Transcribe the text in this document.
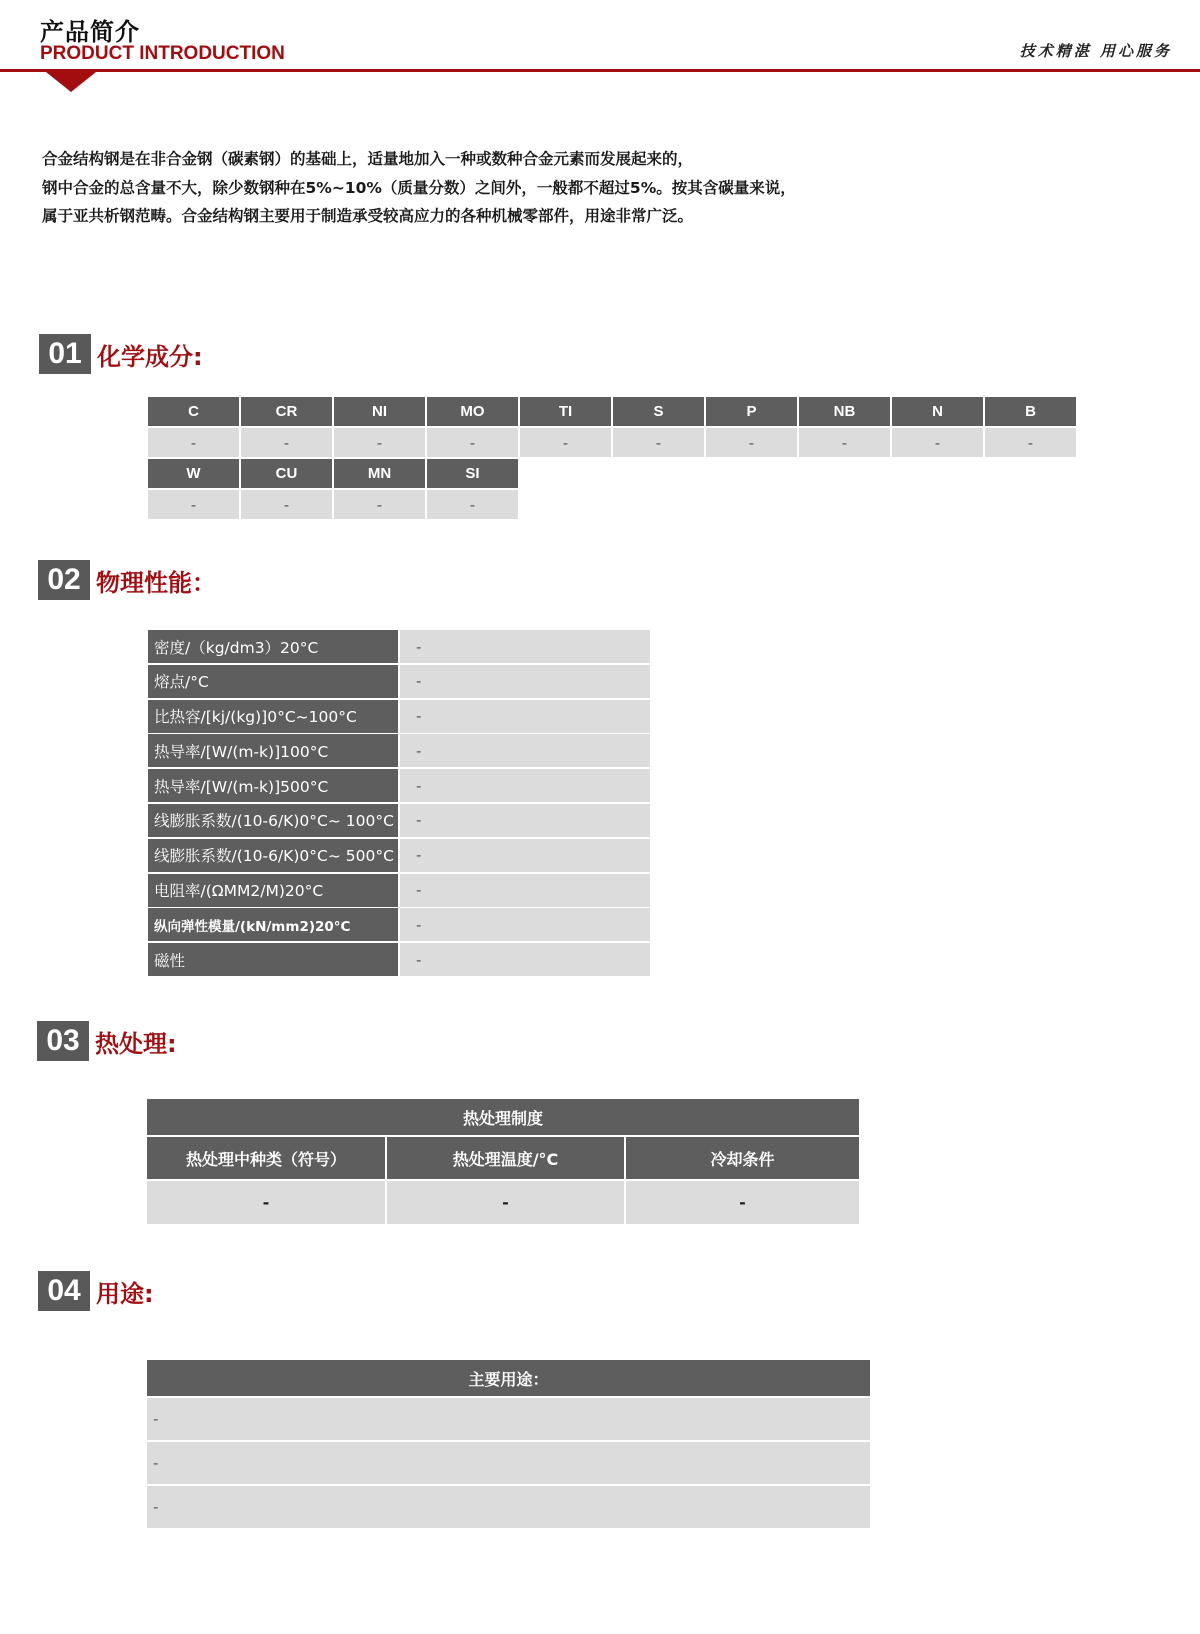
产品简介
PRODUCT INTRODUCTION	技术精湛 用心服务

合金结构钢是在非合金钢（碳素钢）的基础上，适量地加入一种或数种合金元素而发展起来的，

钢中合金的总含量不大，除少数钢种在5%~10%（质量分数）之间外，一般都不超过5%。按其含碳量来说，

属于亚共析钢范畴。合金结构钢主要用于制造承受较高应力的各种机械零部件，用途非常广泛。

01 化学成分:
C	CR	NI	MO	TI	S	P	NB	N	B
-	-	-	-	-	-	-	-	-	-
W	CU	MN	SI
-	-	-	-
02 物理性能：
密度/（kg/dm3）20°C	-
熔点/°C	-
比热容/[kj/(kg)]0°C~100°C	-
热导率/[W/(m-k)]100°C	-
热导率/[W/(m-k)]500°C	-
线膨胀系数/(10-6/K)0°C~ 100°C	-
线膨胀系数/(10-6/K)0°C~ 500°C	-
电阻率/(ΩMM2/M)20°C	-
纵向弹性模量/(kN/mm2)20°C	-
磁性	-
03 热处理:
热处理制度
热处理中种类（符号）	热处理温度/°C	冷却条件
-	-	-
04 用途:
主要用途：
-
-
-
